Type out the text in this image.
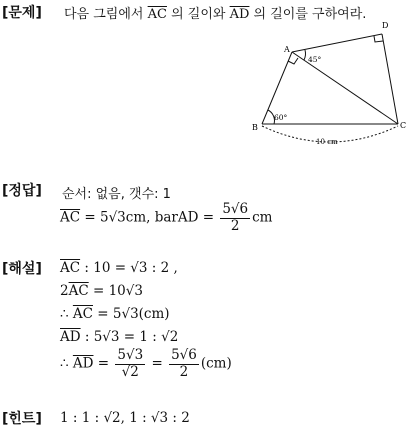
[문제] 다음 그림에서 $\overline{AC}$ 의 길이와 $\overline{AD}$ 의 길이를 구하여라.
A
B	C
D
45°
60°
10 cm
[정답] 순서: 없음, 갯수: 1
$\overline{AC} = 5√3cm$, barAD = $\frac{5√6}{2}$ cm
[해설] $\overline{AC}$ : 10 = √3 : 2 ,
$2\overline{AC} = 10√3$
∴ $\overline{AC} = 5√3(cm)$
$\overline{AD}$ : 5√3 = 1 : √2
∴ $\overline{AD} = \frac{5√3}{√2} = \frac{5√6}{2} (cm)$
[힌트] 1 : 1 : √2, 1 : √3 : 2
